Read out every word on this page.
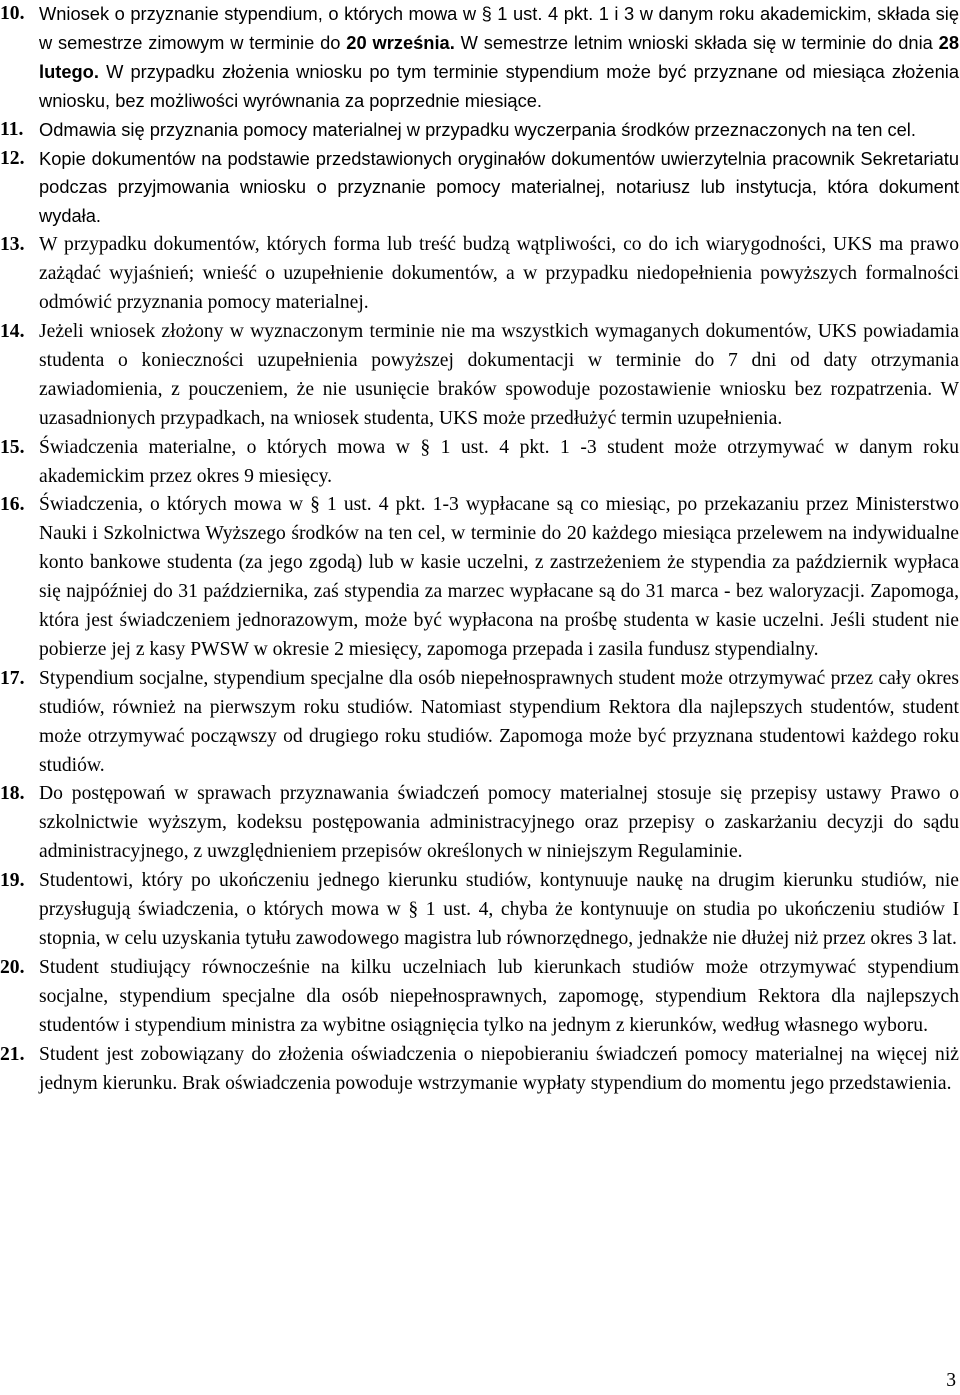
10. Wniosek o przyznanie stypendium, o których mowa w § 1 ust. 4 pkt. 1 i 3 w danym roku akademickim, składa się w semestrze zimowym w terminie do 20 września. W semestrze letnim wnioski składa się w terminie do dnia 28 lutego. W przypadku złożenia wniosku po tym terminie stypendium może być przyznane od miesiąca złożenia wniosku, bez możliwości wyrównania za poprzednie miesiące.
11. Odmawia się przyznania pomocy materialnej w przypadku wyczerpania środków przeznaczonych na ten cel.
12. Kopie dokumentów na podstawie przedstawionych oryginałów dokumentów uwierzytelnia pracownik Sekretariatu podczas przyjmowania wniosku o przyznanie pomocy materialnej, notariusz lub instytucja, która dokument wydała.
13. W przypadku dokumentów, których forma lub treść budzą wątpliwości, co do ich wiarygodności, UKS ma prawo zażądać wyjaśnień; wnieść o uzupełnienie dokumentów, a w przypadku niedopełnienia powyższych formalności odmówić przyznania pomocy materialnej.
14. Jeżeli wniosek złożony w wyznaczonym terminie nie ma wszystkich wymaganych dokumentów, UKS powiadamia studenta o konieczności uzupełnienia powyższej dokumentacji w terminie do 7 dni od daty otrzymania zawiadomienia, z pouczeniem, że nie usunięcie braków spowoduje pozostawienie wniosku bez rozpatrzenia. W uzasadnionych przypadkach, na wniosek studenta, UKS może przedłużyć termin uzupełnienia.
15. Świadczenia materialne, o których mowa w § 1 ust. 4 pkt. 1 -3 student może otrzymywać w danym roku akademickim przez okres 9 miesięcy.
16. Świadczenia, o których mowa w § 1 ust. 4 pkt. 1-3 wypłacane są co miesiąc, po przekazaniu przez Ministerstwo Nauki i Szkolnictwa Wyższego środków na ten cel, w terminie do 20 każdego miesiąca przelewem na indywidualne konto bankowe studenta (za jego zgodą) lub w kasie uczelni, z zastrzeżeniem że stypendia za październik wypłaca się najpóźniej do 31 października, zaś stypendia za marzec wypłacane są do 31 marca - bez waloryzacji. Zapomoga, która jest świadczeniem jednorazowym, może być wypłacona na prośbę studenta w kasie uczelni. Jeśli student nie pobierze jej z kasy PWSW w okresie 2 miesięcy, zapomoga przepada i zasila fundusz stypendialny.
17. Stypendium socjalne, stypendium specjalne dla osób niepełnosprawnych student może otrzymywać przez cały okres studiów, również na pierwszym roku studiów. Natomiast stypendium Rektora dla najlepszych studentów, student może otrzymywać począwszy od drugiego roku studiów. Zapomoga może być przyznana studentowi każdego roku studiów.
18. Do postępowań w sprawach przyznawania świadczeń pomocy materialnej stosuje się przepisy ustawy Prawo o szkolnictwie wyższym, kodeksu postępowania administracyjnego oraz przepisy o zaskarżaniu decyzji do sądu administracyjnego, z uwzględnieniem przepisów określonych w niniejszym Regulaminie.
19. Studentowi, który po ukończeniu jednego kierunku studiów, kontynuuje naukę na drugim kierunku studiów, nie przysługują świadczenia, o których mowa w § 1 ust. 4, chyba że kontynuuje on studia po ukończeniu studiów I stopnia, w celu uzyskania tytułu zawodowego magistra lub równorzędnego, jednakże nie dłużej niż przez okres 3 lat.
20. Student studiujący równocześnie na kilku uczelniach lub kierunkach studiów może otrzymywać stypendium socjalne, stypendium specjalne dla osób niepełnosprawnych, zapomogę, stypendium Rektora dla najlepszych studentów i stypendium ministra za wybitne osiągnięcia tylko na jednym z kierunków, według własnego wyboru.
21. Student jest zobowiązany do złożenia oświadczenia o niepobieraniu świadczeń pomocy materialnej na więcej niż jednym kierunku. Brak oświadczenia powoduje wstrzymanie wypłaty stypendium do momentu jego przedstawienia.
3
